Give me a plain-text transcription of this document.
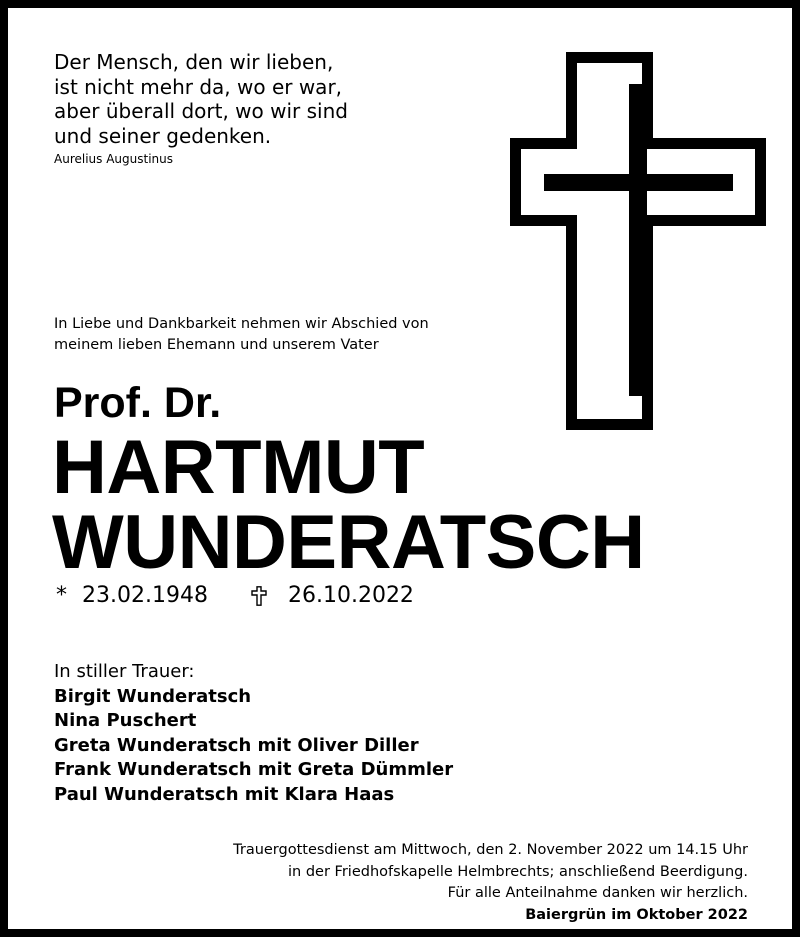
Der Mensch, den wir lieben,
ist nicht mehr da, wo er war,
aber überall dort, wo wir sind
und seiner gedenken.
Aurelius Augustinus
In Liebe und Dankbarkeit nehmen wir Abschied von
meinem lieben Ehemann und unserem Vater
Prof. Dr.
HARTMUT
WUNDERATSCH
* 23.02.1948	26.10.2022
In stiller Trauer:
Birgit Wunderatsch
Nina Puschert
Greta Wunderatsch mit Oliver Diller
Frank Wunderatsch mit Greta Dümmler
Paul Wunderatsch mit Klara Haas
Trauergottesdienst am Mittwoch, den 2. November 2022 um 14.15 Uhr
in der Friedhofskapelle Helmbrechts; anschließend Beerdigung.
Für alle Anteilnahme danken wir herzlich.
Baiergrün im Oktober 2022
